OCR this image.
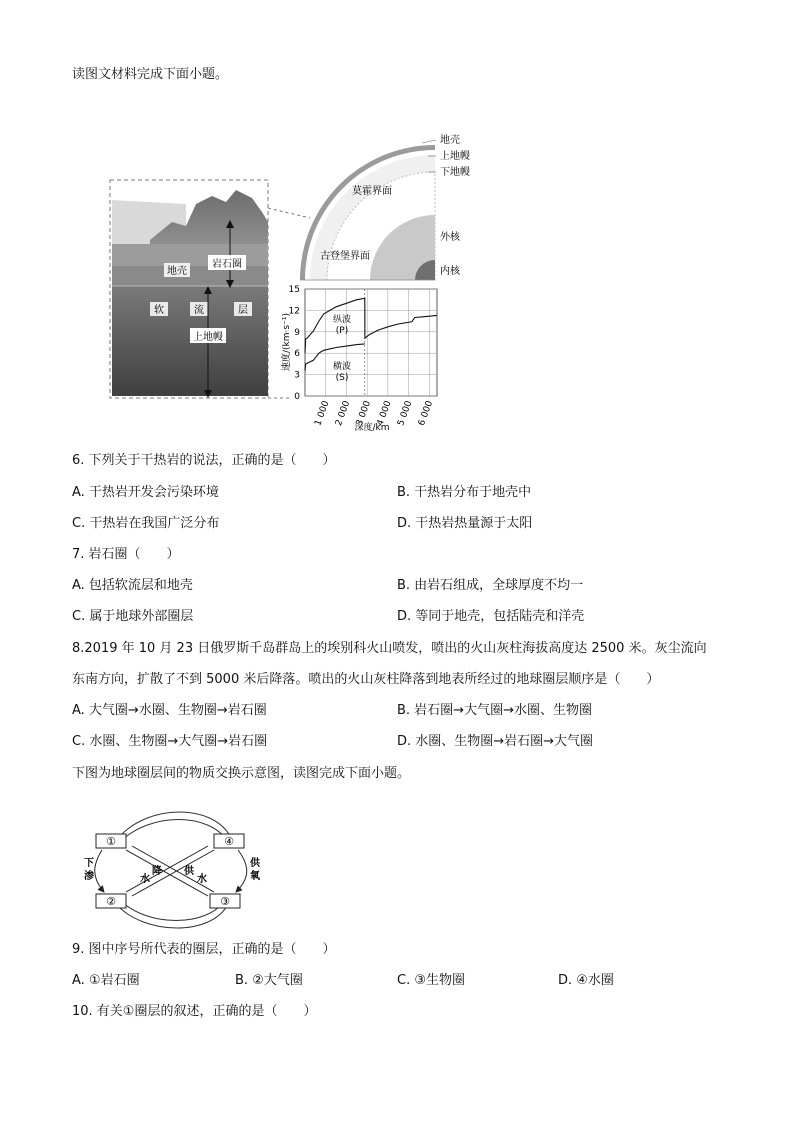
读图文材料完成下面小题。
岩石圈
地壳
软	流	层
上地幔
莫霍界面
古登堡界面
地壳
上地幔
下地幔
外核
内核
0
3
6
9
12
15
1 000 2 000 3 000 4 000 5 000 6 000
纵波
(P)
横波
(S)
速度/(km·s⁻¹)
深度/km
6. 下列关于干热岩的说法，正确的是（　　）
A. 干热岩开发会污染环境	B. 干热岩分布于地壳中
C. 干热岩在我国广泛分布	D. 干热岩热量源于太阳
7. 岩石圈（　　）
A. 包括软流层和地壳	B. 由岩石组成，全球厚度不均一
C. 属于地球外部圈层	D. 等同于地壳，包括陆壳和洋壳
8.2019 年 10 月 23 日俄罗斯千岛群岛上的埃别科火山喷发，喷出的火山灰柱海拔高度达 2500 米。灰尘流向
东南方向，扩散了不到 5000 米后降落。喷出的火山灰柱降落到地表所经过的地球圈层顺序是（　　）
A. 大气圈→水圈、生物圈→岩石圈	B. 岩石圈→大气圈→水圈、生物圈
C. 水圈、生物圈→大气圈→岩石圈	D. 水圈、生物圈→岩石圈→大气圈
下图为地球圈层间的物质交换示意图，读图完成下面小题。
①	④
②	③
下
渗
供
氧
水
降 供
水
9. 图中序号所代表的圈层，正确的是（　　）
A. ①岩石圈	B. ②大气圈	C. ③生物圈	D. ④水圈
10. 有关①圈层的叙述，正确的是（　　）
